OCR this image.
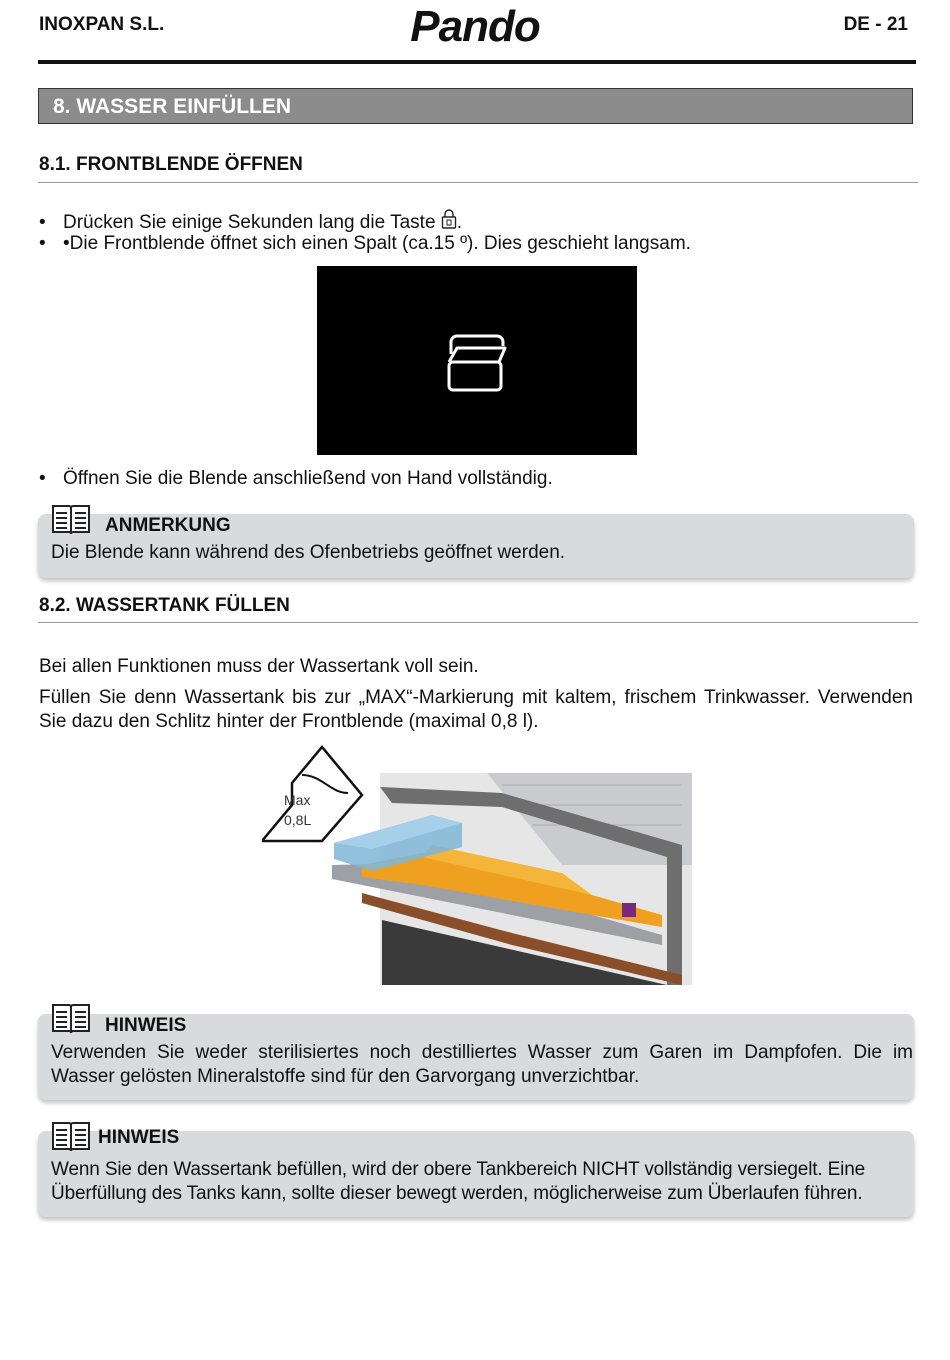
INOXPAN S.L.	Pando	DE - 21
8. WASSER EINFÜLLEN
8.1. FRONTBLENDE ÖFFNEN
• Drücken Sie einige Sekunden lang die Taste .
• •Die Frontblende öffnet sich einen Spalt (ca.15 º). Dies geschieht langsam.
• Öffnen Sie die Blende anschließend von Hand vollständig.
ANMERKUNG
Die Blende kann während des Ofenbetriebs geöffnet werden.
8.2. WASSERTANK FÜLLEN
Bei allen Funktionen muss der Wassertank voll sein.
Füllen Sie denn Wassertank bis zur „MAX“-Markierung mit kaltem, frischem Trinkwasser. Verwenden Sie dazu den Schlitz hinter der Frontblende (maximal 0,8 l).
Max
0,8L
HINWEIS
Verwenden Sie weder sterilisiertes noch destilliertes Wasser zum Garen im Dampfofen. Die im Wasser gelösten Mineralstoffe sind für den Garvorgang unverzichtbar.
HINWEIS
Wenn Sie den Wassertank befüllen, wird der obere Tankbereich NICHT vollständig versiegelt. Eine Überfüllung des Tanks kann, sollte dieser bewegt werden, möglicherweise zum Überlaufen führen.
